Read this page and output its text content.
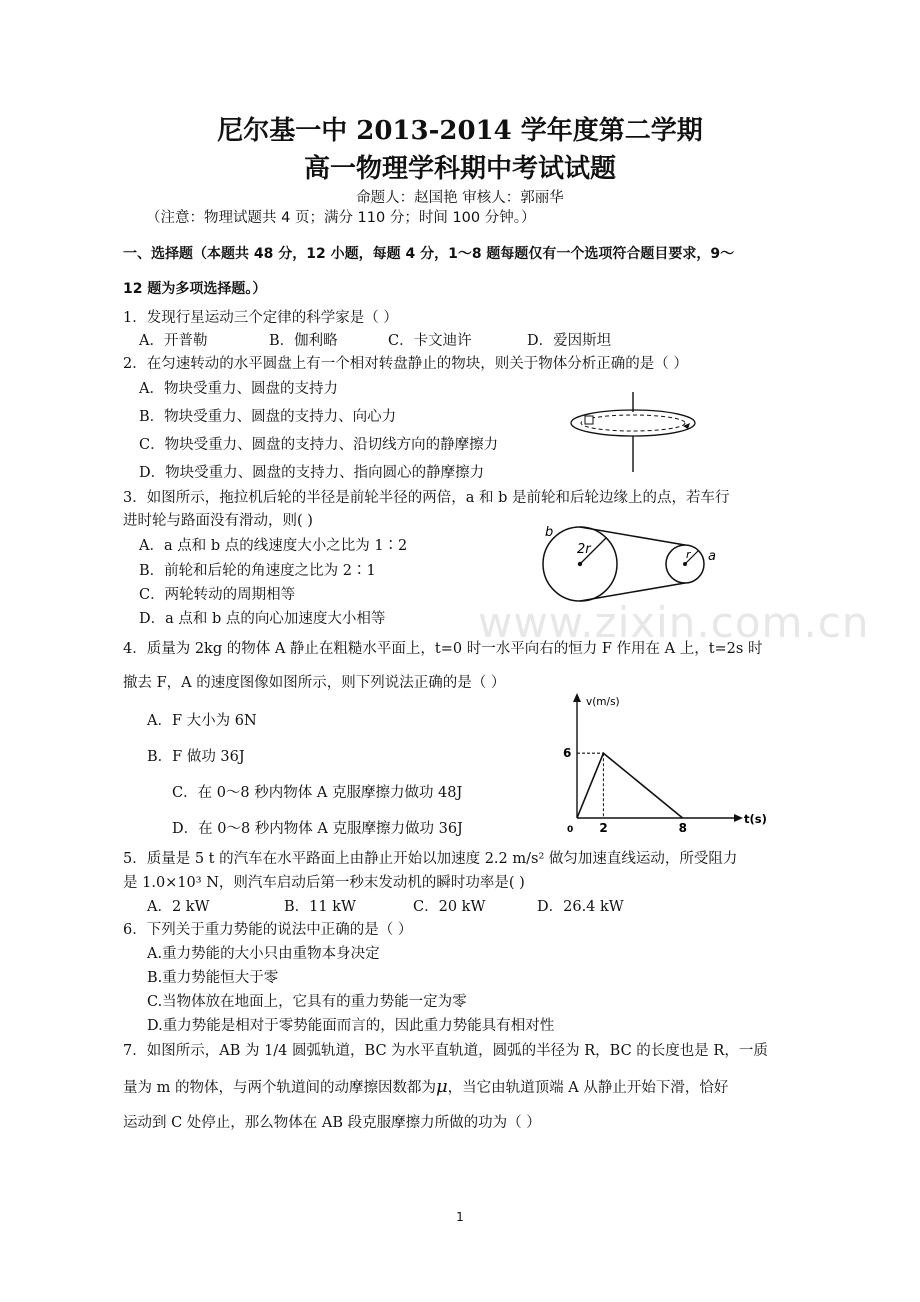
尼尔基一中 2013-2014 学年度第二学期
高一物理学科期中考试试题
命题人：赵国艳 审核人：郭丽华
（注意：物理试题共 4 页；满分 110 分；时间 100 分钟。）
一、选择题（本题共 48 分，12 小题，每题 4 分，1～8 题每题仅有一个选项符合题目要求，9～
12 题为多项选择题。）
1．发现行星运动三个定律的科学家是（ ）
A．开普勒	B．伽利略	C．卡文迪许	D．爱因斯坦
2．在匀速转动的水平圆盘上有一个相对转盘静止的物块，则关于物体分析正确的是（ ）
A．物块受重力、圆盘的支持力
B．物块受重力、圆盘的支持力、向心力
C．物块受重力、圆盘的支持力、沿切线方向的静摩擦力
D．物块受重力、圆盘的支持力、指向圆心的静摩擦力
3．如图所示，拖拉机后轮的半径是前轮半径的两倍，a 和 b 是前轮和后轮边缘上的点，若车行
进时轮与路面没有滑动，则( )
A．a 点和 b 点的线速度大小之比为 1∶2
B．前轮和后轮的角速度之比为 2∶1
C．两轮转动的周期相等
D．a 点和 b 点的向心加速度大小相等
b
a
2r	r
www.zixin.com.cn
4．质量为 2kg 的物体 A 静止在粗糙水平面上，t=0 时一水平向右的恒力 F 作用在 A 上，t=2s 时
撤去 F，A 的速度图像如图所示，则下列说法正确的是（ ）
A．F 大小为 6N
B．F 做功 36J
C．在 0～8 秒内物体 A 克服摩擦力做功 48J
D．在 0～8 秒内物体 A 克服摩擦力做功 36J
v(m/s)
t(s)
6
0 2	8
5．质量是 5 t 的汽车在水平路面上由静止开始以加速度 2.2 m/s² 做匀加速直线运动，所受阻力
是 1.0×10³ N，则汽车启动后第一秒末发动机的瞬时功率是( )
A．2 kW	B．11 kW	C．20 kW	D．26.4 kW
6．下列关于重力势能的说法中正确的是（ ）
A.重力势能的大小只由重物本身决定
B.重力势能恒大于零
C.当物体放在地面上，它具有的重力势能一定为零
D.重力势能是相对于零势能面而言的，因此重力势能具有相对性
7．如图所示，AB 为 1/4 圆弧轨道，BC 为水平直轨道，圆弧的半径为 R，BC 的长度也是 R，一质
量为 m 的物体，与两个轨道间的动摩擦因数都为μ，当它由轨道顶端 A 从静止开始下滑，恰好
运动到 C 处停止，那么物体在 AB 段克服摩擦力所做的功为（ ）
1
